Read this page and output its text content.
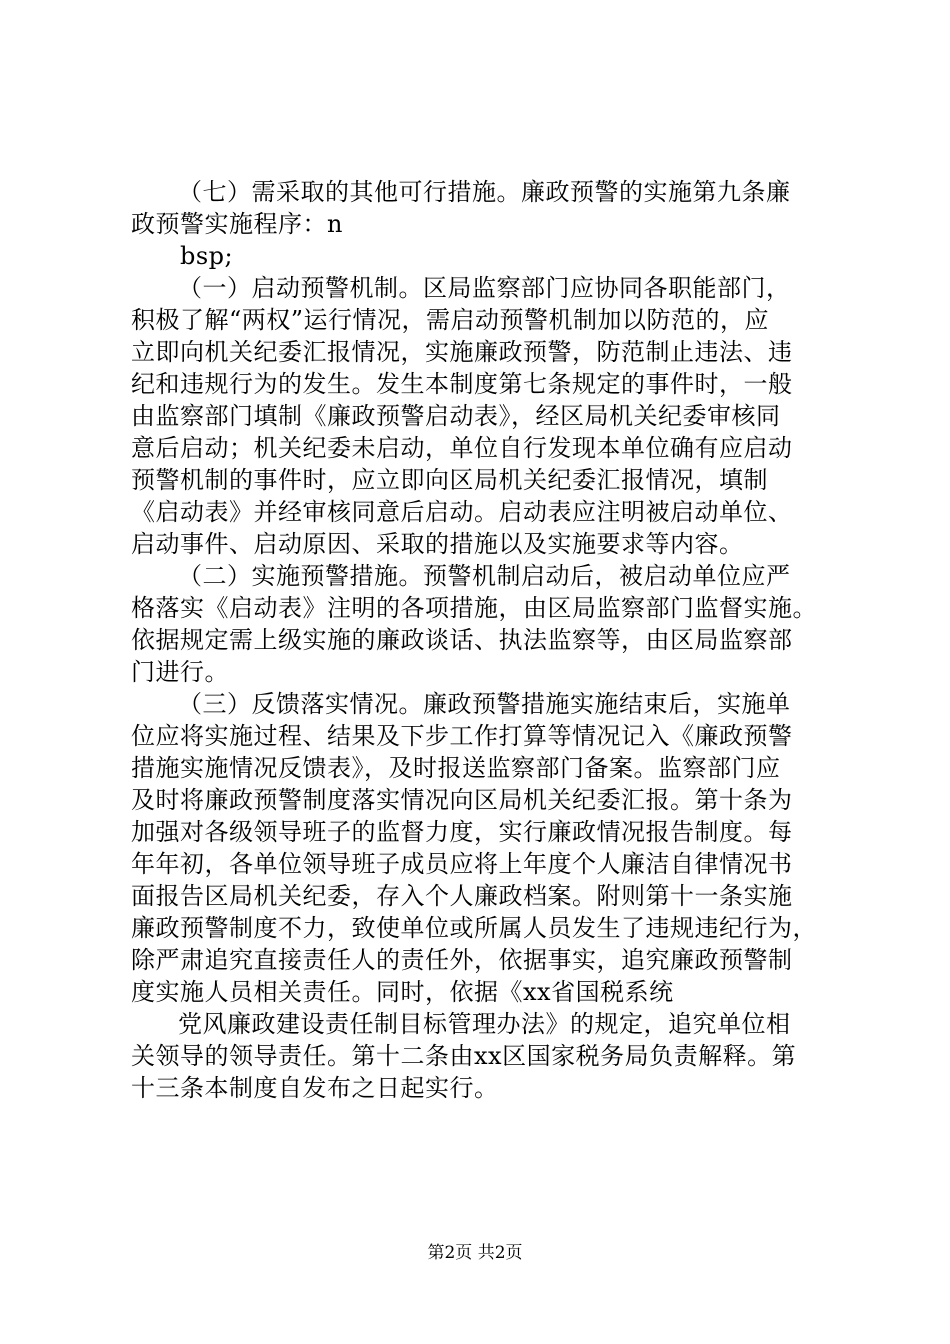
（七）需采取的其他可行措施。廉政预警的实施第九条廉
政预警实施程序：n
bsp;
（一）启动预警机制。区局监察部门应协同各职能部门，
积极了解“两权”运行情况，需启动预警机制加以防范的，应
立即向机关纪委汇报情况，实施廉政预警，防范制止违法、违
纪和违规行为的发生。发生本制度第七条规定的事件时，一般
由监察部门填制《廉政预警启动表》，经区局机关纪委审核同
意后启动；机关纪委未启动，单位自行发现本单位确有应启动
预警机制的事件时，应立即向区局机关纪委汇报情况，填制
《启动表》并经审核同意后启动。启动表应注明被启动单位、
启动事件、启动原因、采取的措施以及实施要求等内容。
（二）实施预警措施。预警机制启动后，被启动单位应严
格落实《启动表》注明的各项措施，由区局监察部门监督实施。
依据规定需上级实施的廉政谈话、执法监察等，由区局监察部
门进行。
（三）反馈落实情况。廉政预警措施实施结束后，实施单
位应将实施过程、结果及下步工作打算等情况记入《廉政预警
措施实施情况反馈表》，及时报送监察部门备案。监察部门应
及时将廉政预警制度落实情况向区局机关纪委汇报。第十条为
加强对各级领导班子的监督力度，实行廉政情况报告制度。每
年年初，各单位领导班子成员应将上年度个人廉洁自律情况书
面报告区局机关纪委，存入个人廉政档案。附则第十一条实施
廉政预警制度不力，致使单位或所属人员发生了违规违纪行为，
除严肃追究直接责任人的责任外，依据事实，追究廉政预警制
度实施人员相关责任。同时，依据《xx省国税系统
党风廉政建设责任制目标管理办法》的规定，追究单位相
关领导的领导责任。第十二条由xx区国家税务局负责解释。第
十三条本制度自发布之日起实行。
第2页 共2页
